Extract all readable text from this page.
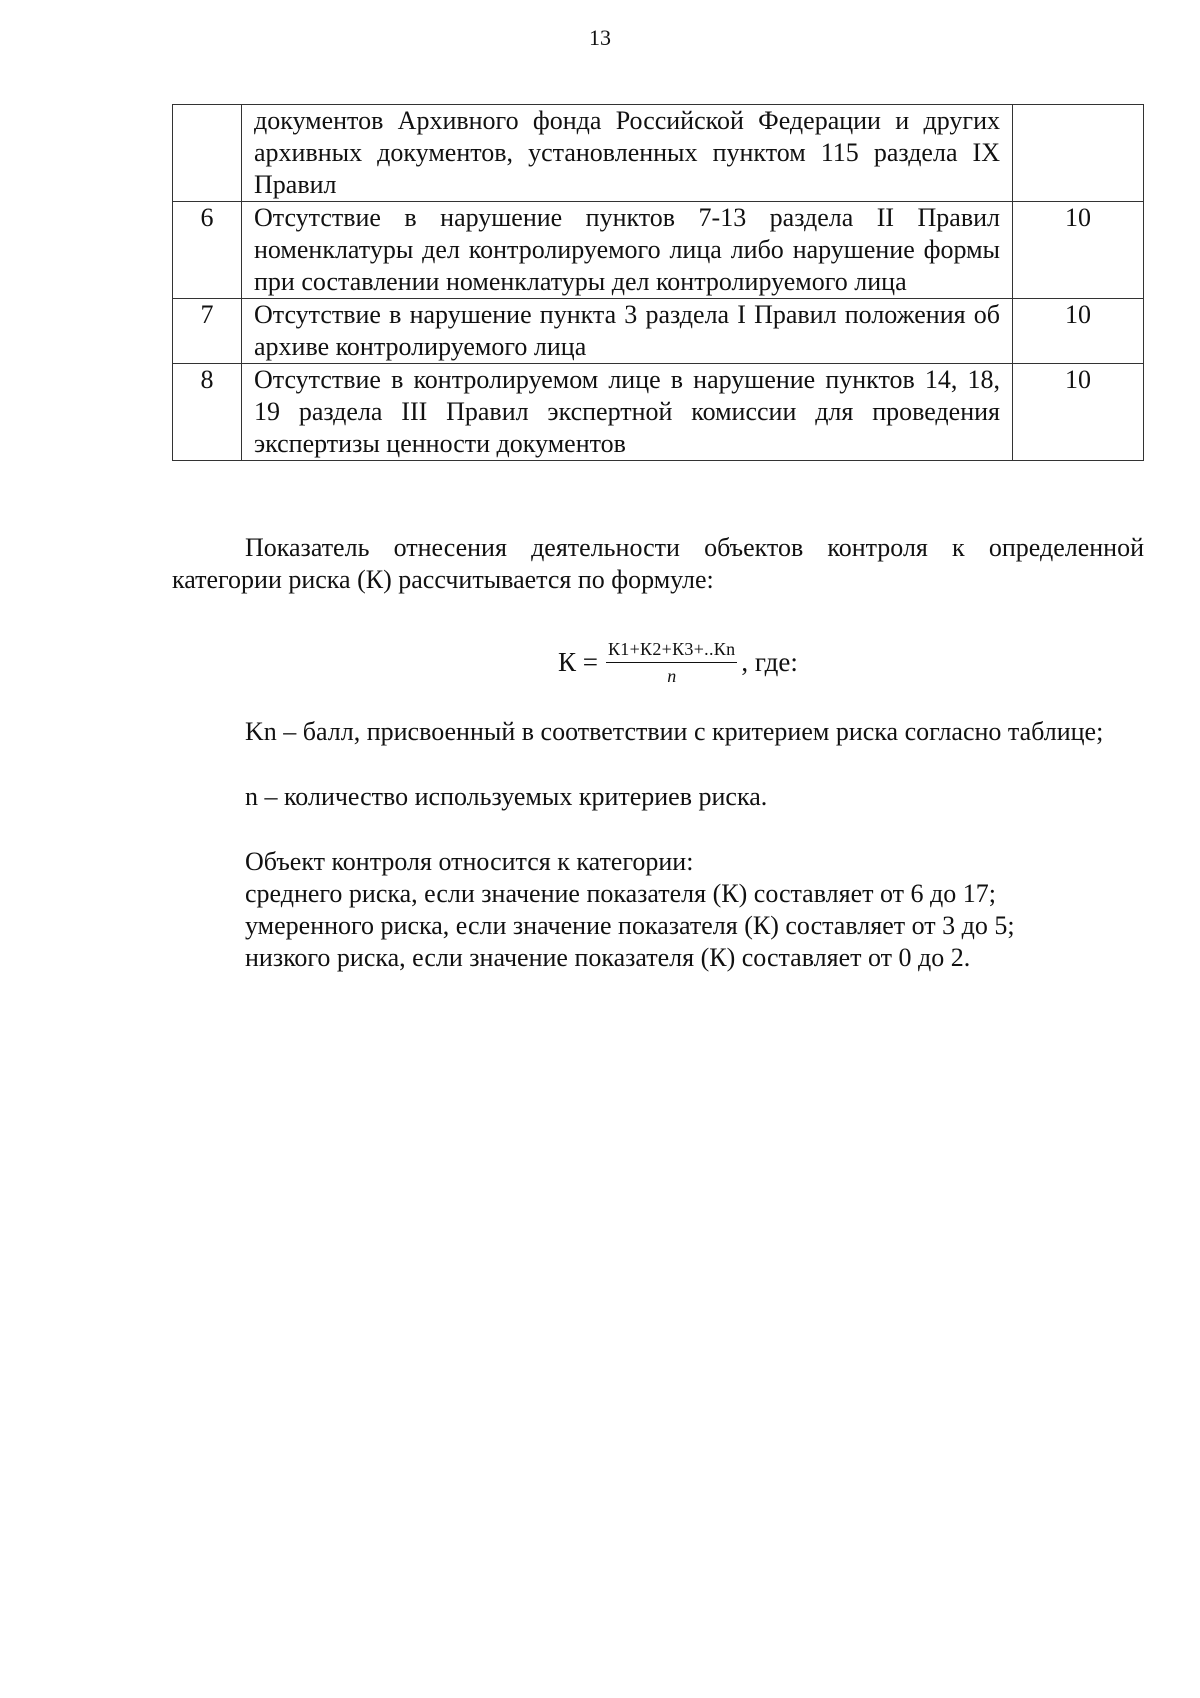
13
	документов Архивного фонда Российской Федерации и других архивных документов, установленных пунктом 115 раздела IX Правил	
6	Отсутствие в нарушение пунктов 7-13 раздела II Правил номенклатуры дел контролируемого лица либо нарушение формы при составлении номенклатуры дел контролируемого лица	10
7	Отсутствие в нарушение пункта 3 раздела I Правил положения об архиве контролируемого лица	10
8	Отсутствие в контролируемом лице в нарушение пунктов 14, 18, 19 раздела III Правил экспертной комиссии для проведения экспертизы ценности документов	10
Показатель отнесения деятельности объектов контроля к определенной категории риска (К) рассчитывается по формуле:
$К = \frac{К1+К2+К3+..Кn}{n}$ , где:
Kn – балл, присвоенный в соответствии с критерием риска согласно таблице;
n – количество используемых критериев риска.
Объект контроля относится к категории:
среднего риска, если значение показателя (К) составляет от 6 до 17;
умеренного риска, если значение показателя (К) составляет от 3 до 5;
низкого риска, если значение показателя (К) составляет от 0 до 2.
